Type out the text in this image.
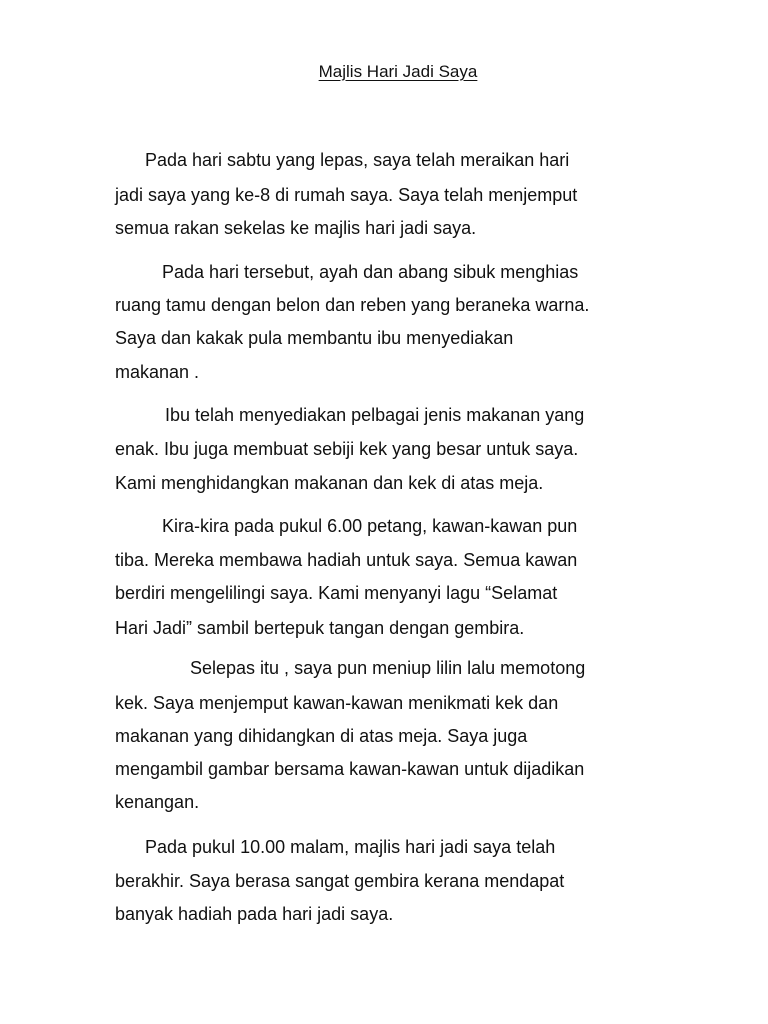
Majlis Hari Jadi Saya
Pada hari sabtu yang lepas, saya telah meraikan hari
jadi saya yang ke-8 di rumah saya. Saya telah menjemput
semua rakan sekelas ke majlis hari jadi saya.
Pada hari tersebut, ayah dan abang sibuk menghias
ruang tamu dengan belon dan reben yang beraneka warna.
Saya dan kakak pula membantu ibu menyediakan
makanan .
Ibu telah menyediakan pelbagai jenis makanan yang
enak. Ibu juga membuat sebiji kek yang besar untuk saya.
Kami menghidangkan makanan dan kek di atas meja.
Kira-kira pada pukul 6.00 petang, kawan-kawan pun
tiba. Mereka membawa hadiah untuk saya. Semua kawan
berdiri mengelilingi saya. Kami menyanyi lagu “Selamat
Hari Jadi” sambil bertepuk tangan dengan gembira.
Selepas itu , saya pun meniup lilin lalu memotong
kek. Saya menjemput kawan-kawan menikmati kek dan
makanan yang dihidangkan di atas meja. Saya juga
mengambil gambar bersama kawan-kawan untuk dijadikan
kenangan.
Pada pukul 10.00 malam, majlis hari jadi saya telah
berakhir. Saya berasa sangat gembira kerana mendapat
banyak hadiah pada hari jadi saya.
